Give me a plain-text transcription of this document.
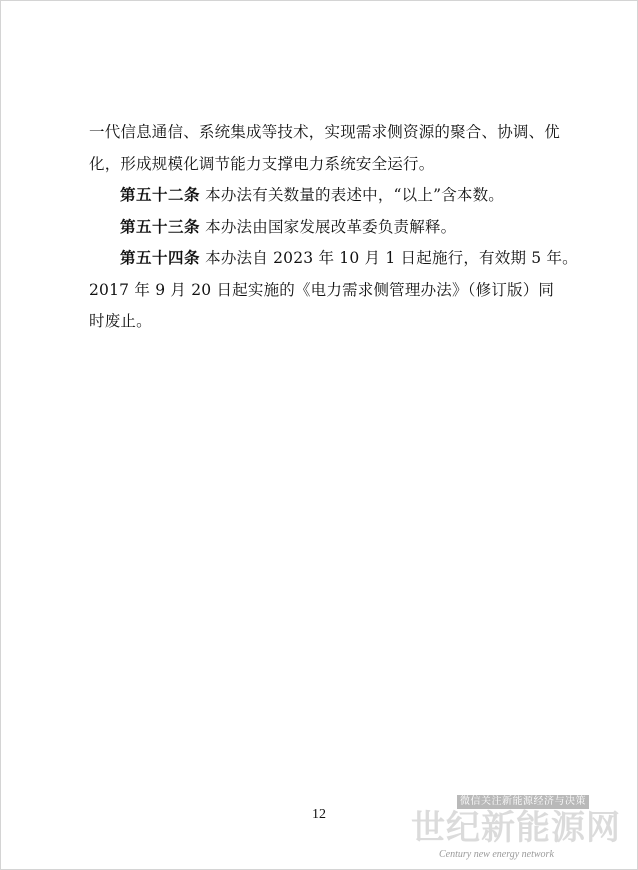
一代信息通信、系统集成等技术，实现需求侧资源的聚合、协调、优
化，形成规模化调节能力支撑电力系统安全运行。
第五十二条 本办法有关数量的表述中，“以上”含本数。
第五十三条 本办法由国家发展改革委负责解释。
第五十四条 本办法自 2023 年 10 月 1 日起施行，有效期 5 年。
2017 年 9 月 20 日起实施的《电力需求侧管理办法》（修订版）同
时废止。
12
微信关注新能源经济与决策
世纪新能源网
Century new energy network
